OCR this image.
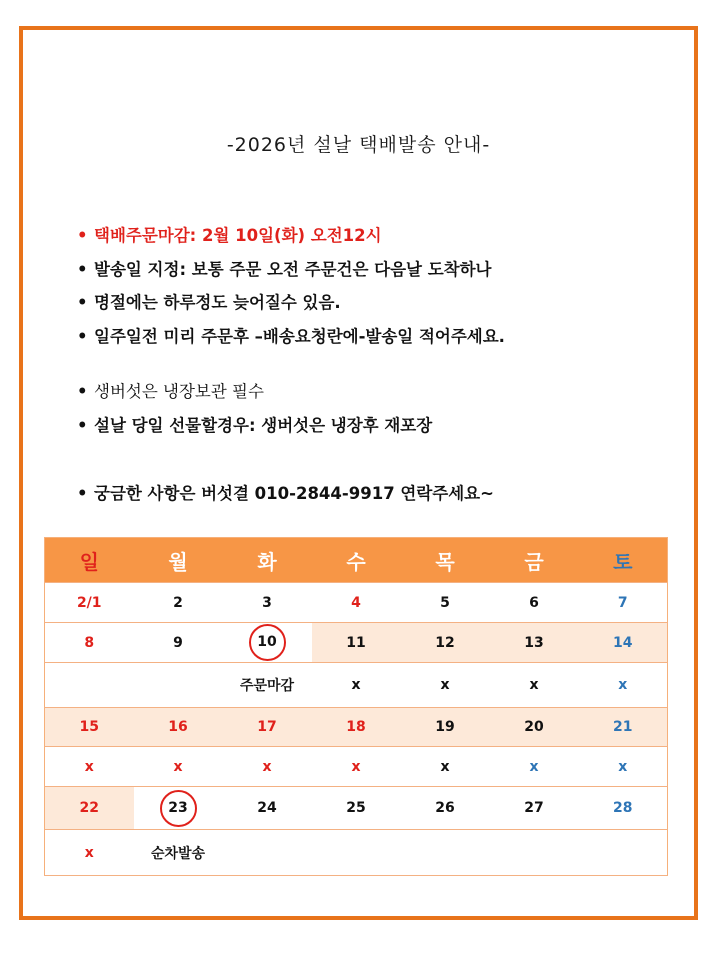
-2026년 설날 택배발송 안내-
• 택배주문마감: 2월 10일(화) 오전12시
• 발송일 지정: 보통 주문 오전 주문건은 다음날 도착하나
• 명절에는 하루정도 늦어질수 있음.
• 일주일전 미리 주문후 –배송요청란에-발송일 적어주세요.
• 생버섯은 냉장보관 필수
• 설날 당일 선물할경우: 생버섯은 냉장후 재포장
• 궁금한 사항은 버섯결 010-2844-9917 연락주세요~
일	월	화	수	목	금	토
2/1	2	3	4	5	6	7
8	9	10	11	12	13	14
		주문마감	x	x	x	x
15	16	17	18	19	20	21
x	x	x	x	x	x	x
22	23	24	25	26	27	28
x	순차발송					
